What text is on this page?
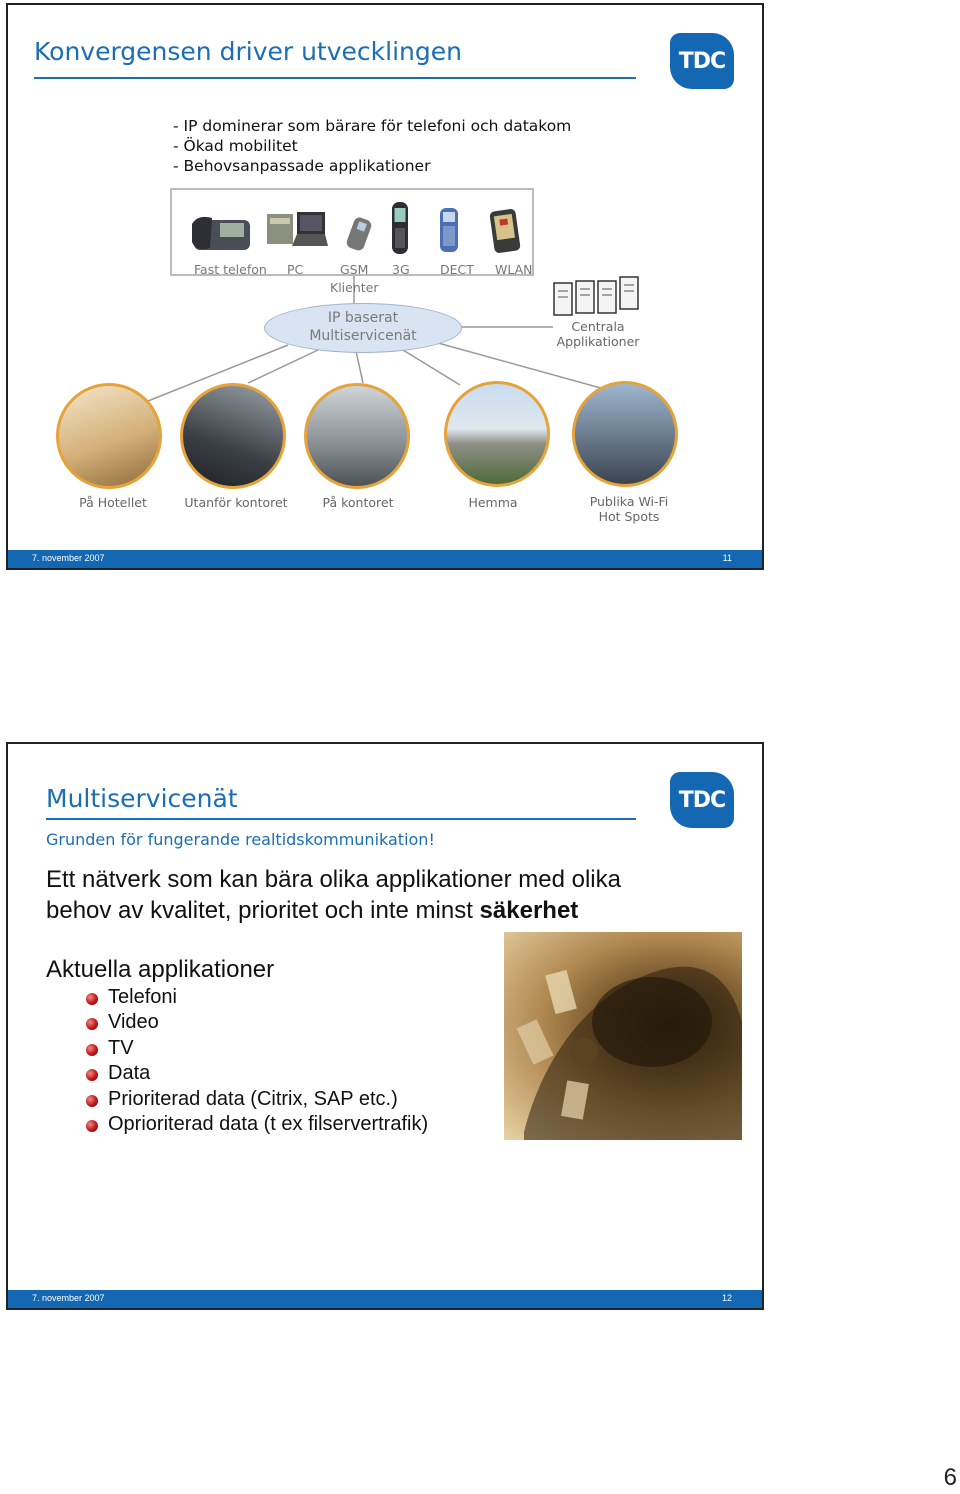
Konvergensen driver utvecklingen	TDC
- IP dominerar som bärare för telefoni och datakom
- Ökad mobilitet
- Behovsanpassade applikationer
Fast telefon PC	GSM 3G DECT WLAN
Klienter
IP baserat
Multiservicenät
Centrala
Applikationer
På Hotellet	Utanför kontoret	På kontoret	Hemma	Publika Wi-Fi
Hot Spots
7. november 2007	11
Multiservicenät	TDC
Grunden för fungerande realtidskommunikation!
Ett nätverk som kan bära olika applikationer med olika
behov av kvalitet, prioritet och inte minst säkerhet
Aktuella applikationer
Telefoni
Video
TV
Data
Prioriterad data (Citrix, SAP etc.)
Oprioriterad data (t ex filservertrafik)
7. november 2007	12
6
